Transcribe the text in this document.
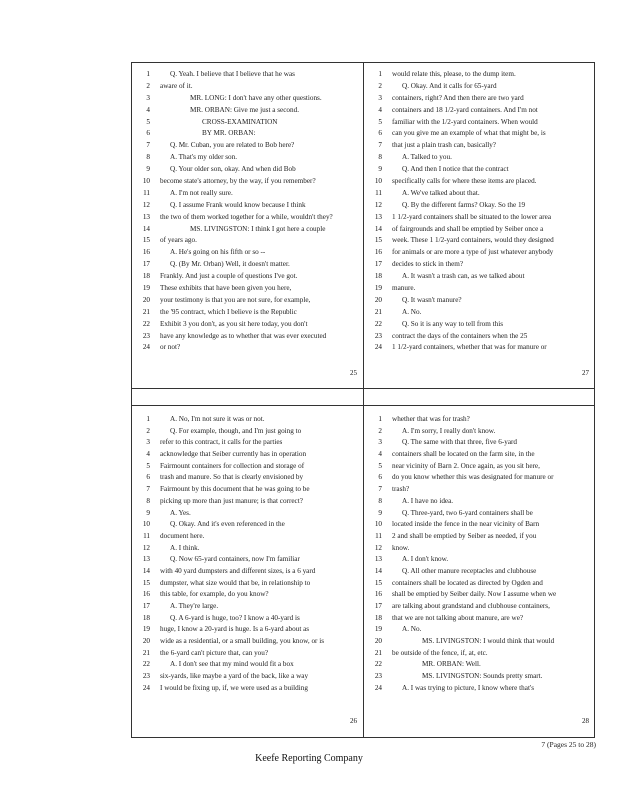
1	Q. Yeah. I believe that I believe that he was
2 aware of it.
3	MR. LONG: I don't have any other questions.
4	MR. ORBAN: Give me just a second.
5	CROSS-EXAMINATION
6	BY MR. ORBAN:
7	Q. Mr. Cuban, you are related to Bob here?
8	A. That's my older son.
9	Q. Your older son, okay. And when did Bob
10 become state's attorney, by the way, if you remember?
11	A. I'm not really sure.
12	Q. I assume Frank would know because I think
13 the two of them worked together for a while, wouldn't they?
14	MS. LIVINGSTON: I think I got here a couple
15 of years ago.
16	A. He's going on his fifth or so --
17	Q. (By Mr. Orban) Well, it doesn't matter.
18 Frankly. And just a couple of questions I've got.
19 These exhibits that have been given you here,
20 your testimony is that you are not sure, for example,
21 the '95 contract, which I believe is the Republic
22 Exhibit 3 you don't, as you sit here today, you don't
23 have any knowledge as to whether that was ever executed
24 or not?
25
1 would relate this, please, to the dump item.
2	Q. Okay. And it calls for 65-yard
3 containers, right? And then there are two yard
4 containers and 18 1/2-yard containers. And I'm not
5 familiar with the 1/2-yard containers. When would
6 can you give me an example of what that might be, is
7 that just a plain trash can, basically?
8	A. Talked to you.
9	Q. And then I notice that the contract
10 specifically calls for where these items are placed.
11	A. We've talked about that.
12	Q. By the different farms? Okay. So the 19
13 1 1/2-yard containers shall be situated to the lower area
14 of fairgrounds and shall be emptied by Seiber once a
15 week. These 1 1/2-yard containers, would they designed
16 for animals or are more a type of just whatever anybody
17 decides to stick in them?
18	A. It wasn't a trash can, as we talked about
19 manure.
20	Q. It wasn't manure?
21	A. No.
22	Q. So it is any way to tell from this
23 contract the days of the containers when the 25
24 1 1/2-yard containers, whether that was for manure or
27
1	A. No, I'm not sure it was or not.
2	Q. For example, though, and I'm just going to
3 refer to this contract, it calls for the parties
4 acknowledge that Seiber currently has in operation
5 Fairmount containers for collection and storage of
6 trash and manure. So that is clearly envisioned by
7 Fairmount by this document that he was going to be
8 picking up more than just manure; is that correct?
9	A. Yes.
10	Q. Okay. And it's even referenced in the
11 document here.
12	A. I think.
13	Q. Now 65-yard containers, now I'm familiar
14 with 40 yard dumpsters and different sizes, is a 6 yard
15 dumpster, what size would that be, in relationship to
16 this table, for example, do you know?
17	A. They're large.
18	Q. A 6-yard is huge, too? I know a 40-yard is
19 huge, I know a 20-yard is huge. Is a 6-yard about as
20 wide as a residential, or a small building, you know, or is
21 the 6-yard can't picture that, can you?
22	A. I don't see that my mind would fit a box
23 six-yards, like maybe a yard of the back, like a way
24 I would be fixing up, if, we were used as a building
26
1 whether that was for trash?
2	A. I'm sorry, I really don't know.
3	Q. The same with that three, five 6-yard
4 containers shall be located on the farm site, in the
5 near vicinity of Barn 2. Once again, as you sit here,
6 do you know whether this was designated for manure or
7 trash?
8	A. I have no idea.
9	Q. Three-yard, two 6-yard containers shall be
10 located inside the fence in the near vicinity of Barn
11 2 and shall be emptied by Seiber as needed, if you
12 know.
13	A. I don't know.
14	Q. All other manure receptacles and clubhouse
15 containers shall be located as directed by Ogden and
16 shall be emptied by Seiber daily. Now I assume when we
17 are talking about grandstand and clubhouse containers,
18 that we are not talking about manure, are we?
19	A. No.
20	MS. LIVINGSTON: I would think that would
21 be outside of the fence, if, at, etc.
22	MR. ORBAN: Well.
23	MS. LIVINGSTON: Sounds pretty smart.
24	A. I was trying to picture, I know where that's
28
7 (Pages 25 to 28)
Keefe Reporting Company
